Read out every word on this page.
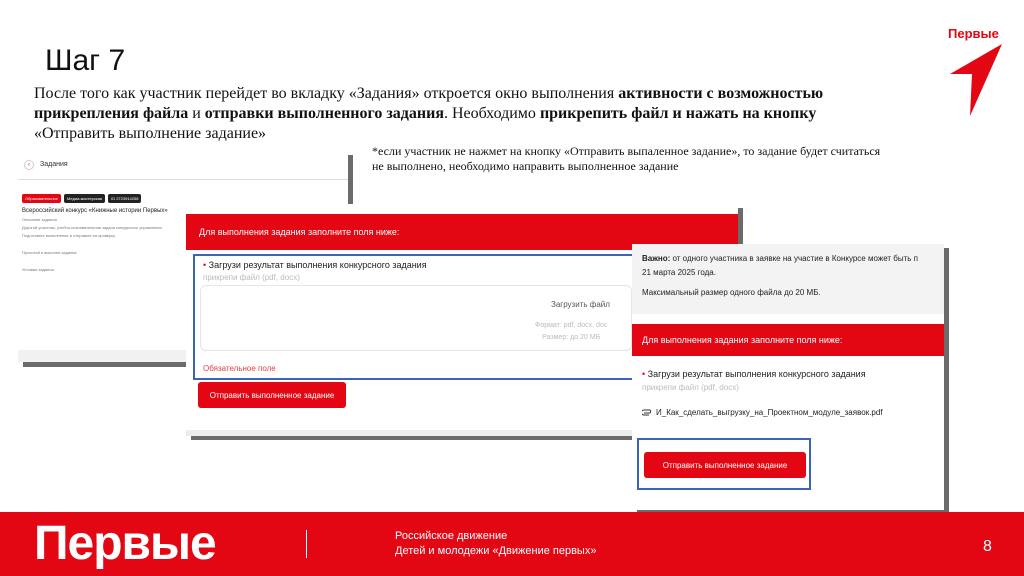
Шаг 7
После того как участник перейдет во вкладку «Задания» откроется окно выполнения активности с возможностью прикрепления файла и отправки выполненного задания. Необходимо прикрепить файл и нажать на кнопку «Отправить выполнение задание»
*если участник не нажмет на кнопку «Отправить выпаленное задание», то задание будет считаться не выполнено, необходимо направить выполненное задание
Первые
‹	Задания
Образовательное	Медиа-мастерская	ID 2723914258
Всероссийский конкурс «Книжные истории Первых»
Описание задания
Дорогой участник, учебно-познавательная задача конкурсного упражнения
Подготовьте выполнение и отправьте на проверку
Прочитай и выполни задание
Условия задания
Для выполнения задания заполните поля ниже:
• Загрузи результат выполнения конкурсного задания
прикрепи файл (pdf, docx)
Загрузить файл
Формат: pdf, docx, doc
Размер: до 20 МБ
Обязательное поле
Отправить выполненное задание
Важно: от одного участника в заявке на участие в Конкурсе может быть п
21 марта 2025 года.
Максимальный размер одного файла до 20 МБ.
Для выполнения задания заполните поля ниже:
• Загрузи результат выполнения конкурсного задания
прикрепи файл (pdf, docx)
И_Как_сделать_выгрузку_на_Проектном_модуле_заявок.pdf
Отправить выполненное задание
Первые	Российское движение
Детей и молодежи «Движение первых»	8
